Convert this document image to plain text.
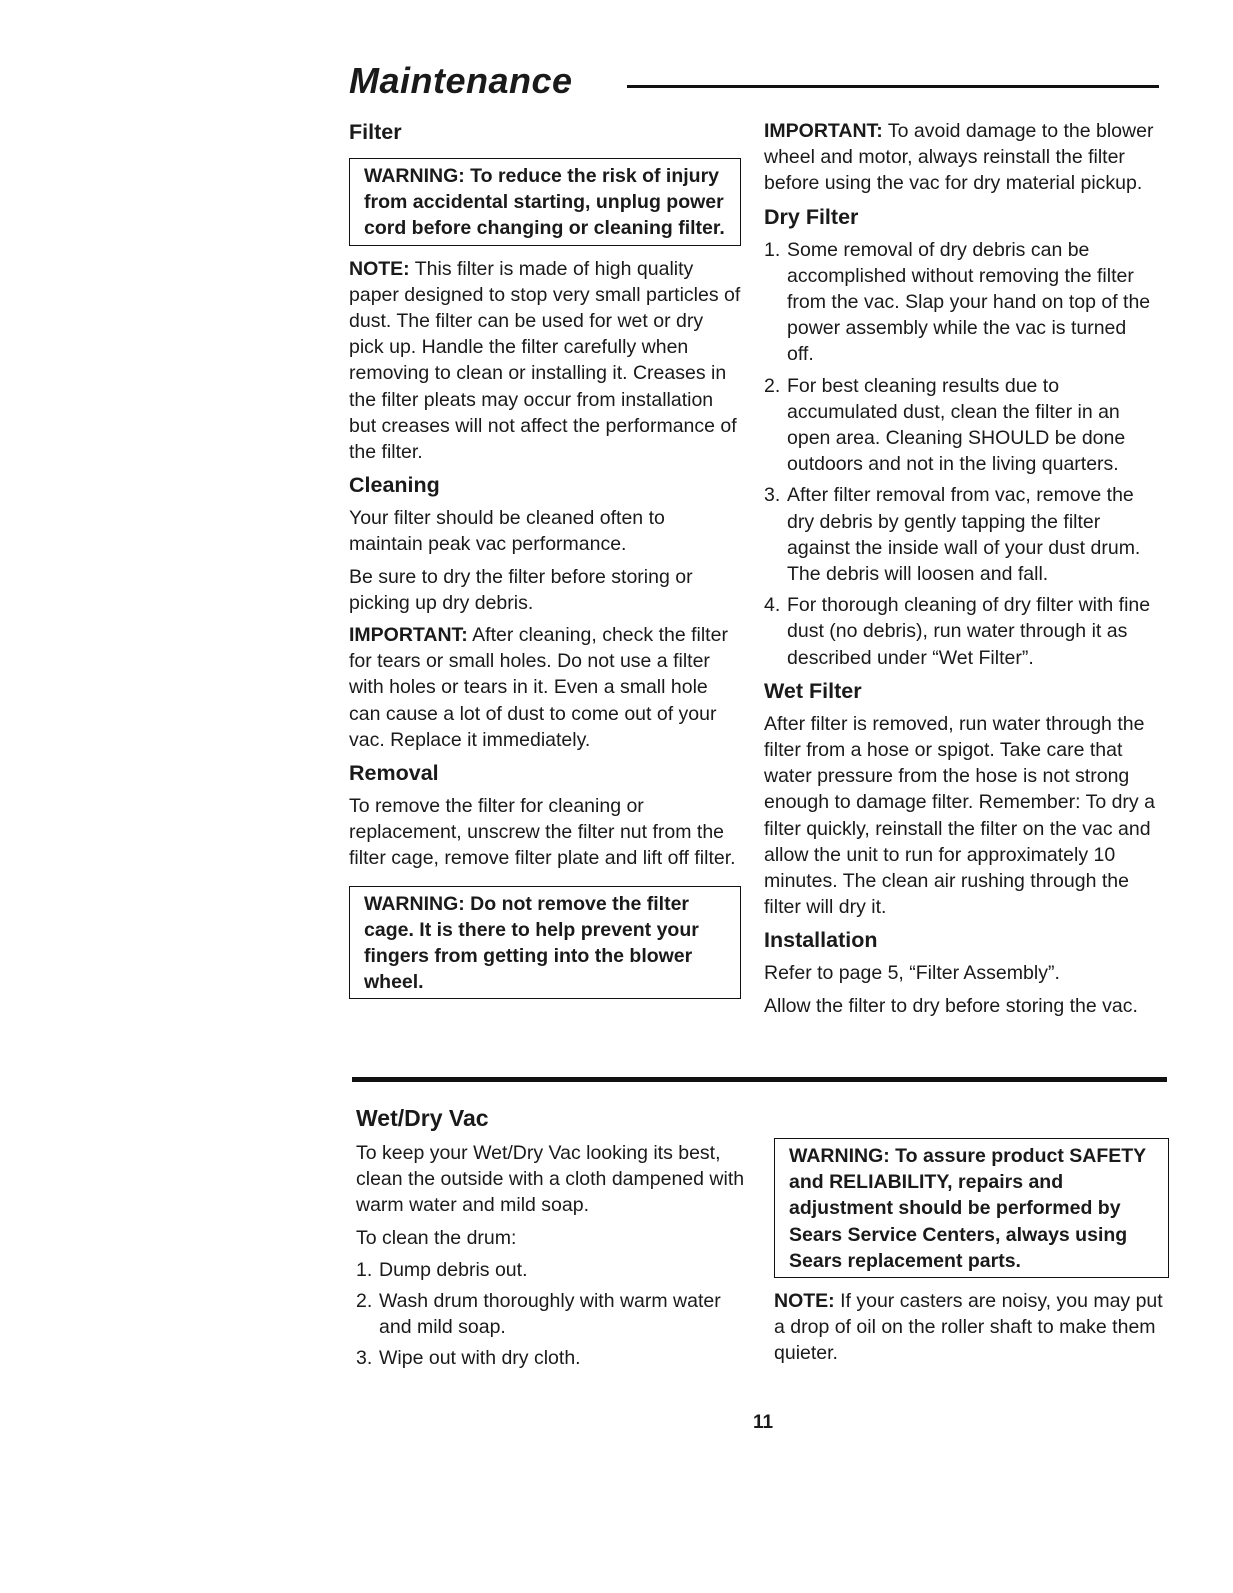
Maintenance
Filter
WARNING: To reduce the risk of injury from accidental starting, unplug power cord before changing or cleaning filter.

NOTE: This filter is made of high quality paper designed to stop very small particles of dust. The filter can be used for wet or dry pick up. Handle the filter carefully when removing to clean or installing it. Creases in the filter pleats may occur from installation but creases will not affect the performance of the filter.

Cleaning

Your filter should be cleaned often to maintain peak vac performance.

Be sure to dry the filter before storing or picking up dry debris.

IMPORTANT: After cleaning, check the filter for tears or small holes. Do not use a filter with holes or tears in it. Even a small hole can cause a lot of dust to come out of your vac. Replace it immediately.

Removal

To remove the filter for cleaning or replacement, unscrew the filter nut from the filter cage, remove filter plate and lift off filter.

WARNING: Do not remove the filter cage. It is there to help prevent your fingers from getting into the blower wheel.

IMPORTANT: To avoid damage to the blower wheel and motor, always reinstall the filter before using the vac for dry material pickup.

Dry Filter
1. Some removal of dry debris can be accomplished without removing the filter from the vac. Slap your hand on top of the power assembly while the vac is turned off.
2. For best cleaning results due to accumulated dust, clean the filter in an open area. Cleaning SHOULD be done outdoors and not in the living quarters.
3. After filter removal from vac, remove the dry debris by gently tapping the filter against the inside wall of your dust drum. The debris will loosen and fall.
4. For thorough cleaning of dry filter with fine dust (no debris), run water through it as described under “Wet Filter”.
Wet Filter

After filter is removed, run water through the filter from a hose or spigot. Take care that water pressure from the hose is not strong enough to damage filter. Remember: To dry a filter quickly, reinstall the filter on the vac and allow the unit to run for approximately 10 minutes. The clean air rushing through the filter will dry it.

Installation

Refer to page 5, “Filter Assembly”.

Allow the filter to dry before storing the vac.

Wet/Dry Vac

To keep your Wet/Dry Vac looking its best, clean the outside with a cloth dampened with warm water and mild soap.

To clean the drum:

1. Dump debris out.
2. Wash drum thoroughly with warm water and mild soap.
3. Wipe out with dry cloth.
WARNING: To assure product SAFETY and RELIABILITY, repairs and adjustment should be performed by Sears Service Centers, always using Sears replacement parts.

NOTE: If your casters are noisy, you may put a drop of oil on the roller shaft to make them quieter.

11
